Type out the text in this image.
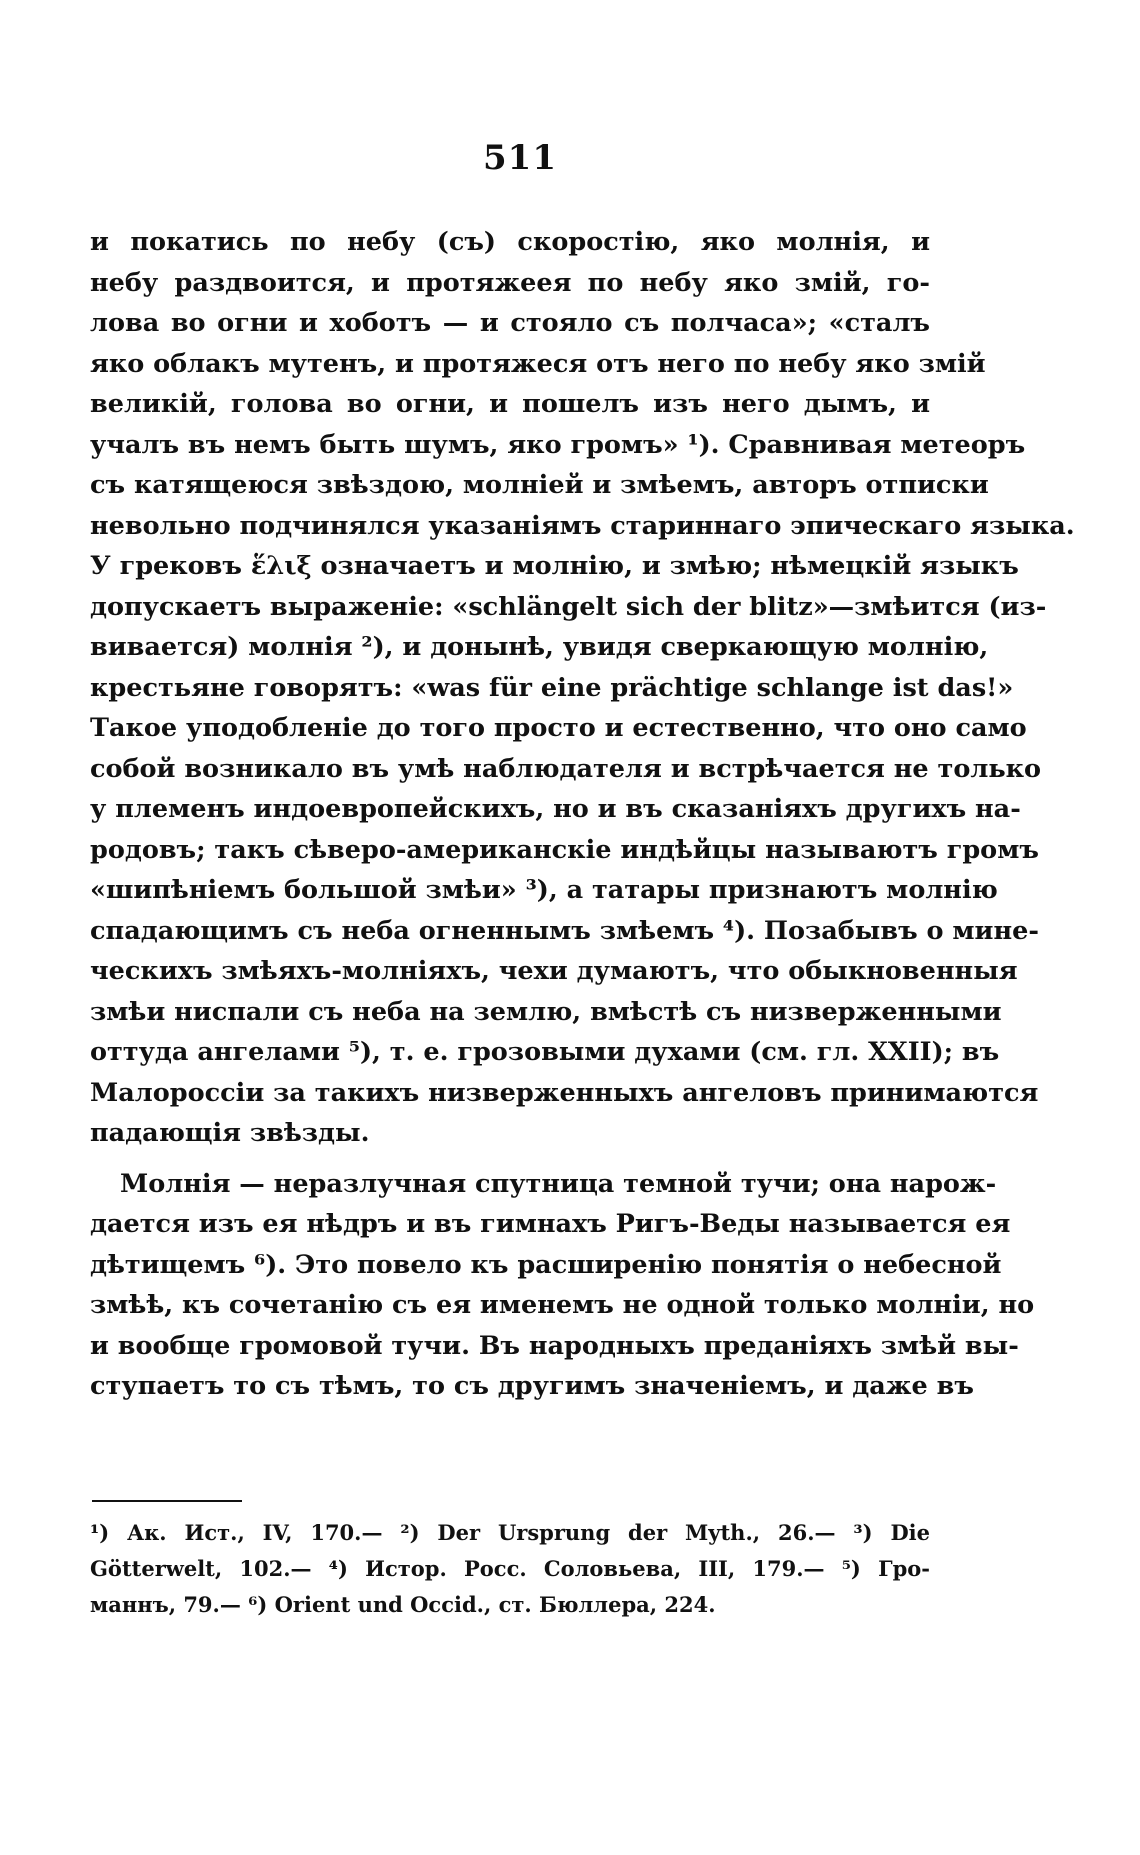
511
и покатись по небу (съ) скоростію, яко молнія, и
небу раздвоится, и протяжеея по небу яко змій, го-
лова во огни и хоботъ — и стояло съ полчаса»; «сталъ
яко облакъ мутенъ, и протяжеся отъ него по небу яко змій
великій, голова во огни, и пошелъ изъ него дымъ, и
учалъ въ немъ быть шумъ, яко громъ» ¹). Сравнивая метеоръ
съ катящеюся звѣздою, молніей и змѣемъ, авторъ отписки
невольно подчинялся указаніямъ стариннаго эпическаго языка.
У грековъ ἕλιξ означаетъ и молнію, и змѣю; нѣмецкій языкъ
допускаетъ выраженіе: «schlängelt sich der blitz»—змѣится (из-
вивается) молнія ²), и донынѣ, увидя сверкающую молнію,
крестьяне говорятъ: «was für eine prächtige schlange ist das!»
Такое уподобленіе до того просто и естественно, что оно само
собой возникало въ умѣ наблюдателя и встрѣчается не только
у племенъ индоевропейскихъ, но и въ сказаніяхъ другихъ на-
родовъ; такъ сѣверо-американскіе индѣйцы называютъ громъ
«шипѣніемъ большой змѣи» ³), а татары признаютъ молнію
спадающимъ съ неба огненнымъ змѣемъ ⁴). Позабывъ о мине-
ческихъ змѣяхъ-молніяхъ, чехи думаютъ, что обыкновенныя
змѣи ниспали съ неба на землю, вмѣстѣ съ низверженными
оттуда ангелами ⁵), т. е. грозовыми духами (см. гл. XXII); въ
Малороссіи за такихъ низверженныхъ ангеловъ принимаются
падающія звѣзды.
Молнія — неразлучная спутница темной тучи; она нарож-
дается изъ ея нѣдръ и въ гимнахъ Ригъ-Веды называется ея
дѣтищемъ ⁶). Это повело къ расширенію понятія о небесной
змѣѣ, къ сочетанію съ ея именемъ не одной только молніи, но
и вообще громовой тучи. Въ народныхъ преданіяхъ змѣй вы-
ступаетъ то съ тѣмъ, то съ другимъ значеніемъ, и даже въ
¹) Ак. Ист., IV, 170.— ²) Der Ursprung der Myth., 26.— ³) Die
Götterwelt, 102.— ⁴) Истор. Росс. Соловьева, III, 179.— ⁵) Гро-
маннъ, 79.— ⁶) Orient und Occid., ст. Бюллера, 224.
